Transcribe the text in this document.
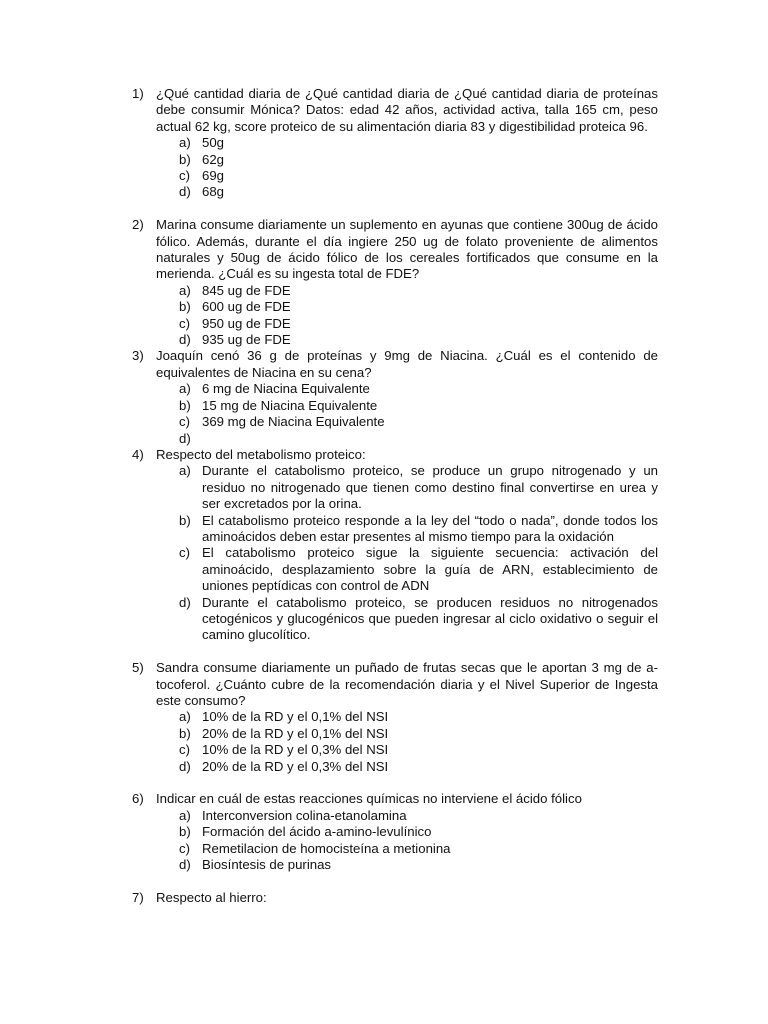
1) ¿Qué cantidad diaria de ¿Qué cantidad diaria de ¿Qué cantidad diaria de proteínas debe consumir Mónica? Datos: edad 42 años, actividad activa, talla 165 cm, peso actual 62 kg, score proteico de su alimentación diaria 83 y digestibilidad proteica 96.
a) 50g
b) 62g
c) 69g
d) 68g
2) Marina consume diariamente un suplemento en ayunas que contiene 300ug de ácido fólico. Además, durante el día ingiere 250 ug de folato proveniente de alimentos naturales y 50ug de ácido fólico de los cereales fortificados que consume en la merienda. ¿Cuál es su ingesta total de FDE?
a) 845 ug de FDE
b) 600 ug de FDE
c) 950 ug de FDE
d) 935 ug de FDE
3) Joaquín cenó 36 g de proteínas y 9mg de Niacina. ¿Cuál es el contenido de equivalentes de Niacina en su cena?
a) 6 mg de Niacina Equivalente
b) 15 mg de Niacina Equivalente
c) 369 mg de Niacina Equivalente
d)

4) Respecto del metabolismo proteico:
a) Durante el catabolismo proteico, se produce un grupo nitrogenado y un residuo no nitrogenado que tienen como destino final convertirse en urea y ser excretados por la orina.
b) El catabolismo proteico responde a la ley del “todo o nada”, donde todos los aminoácidos deben estar presentes al mismo tiempo para la oxidación
c) El catabolismo proteico sigue la siguiente secuencia: activación del aminoácido, desplazamiento sobre la guía de ARN, establecimiento de uniones peptídicas con control de ADN
d) Durante el catabolismo proteico, se producen residuos no nitrogenados cetogénicos y glucogénicos que pueden ingresar al ciclo oxidativo o seguir el camino glucolítico.
5) Sandra consume diariamente un puñado de frutas secas que le aportan 3 mg de a-tocoferol. ¿Cuánto cubre de la recomendación diaria y el Nivel Superior de Ingesta este consumo?
a) 10% de la RD y el 0,1% del NSI
b) 20% de la RD y el 0,1% del NSI
c) 10% de la RD y el 0,3% del NSI
d) 20% de la RD y el 0,3% del NSI
6) Indicar en cuál de estas reacciones químicas no interviene el ácido fólico
a) Interconversion colina-etanolamina
b) Formación del ácido a-amino-levulínico
c) Remetilacion de homocisteína a metionina
d) Biosíntesis de purinas
7) Respecto al hierro:
